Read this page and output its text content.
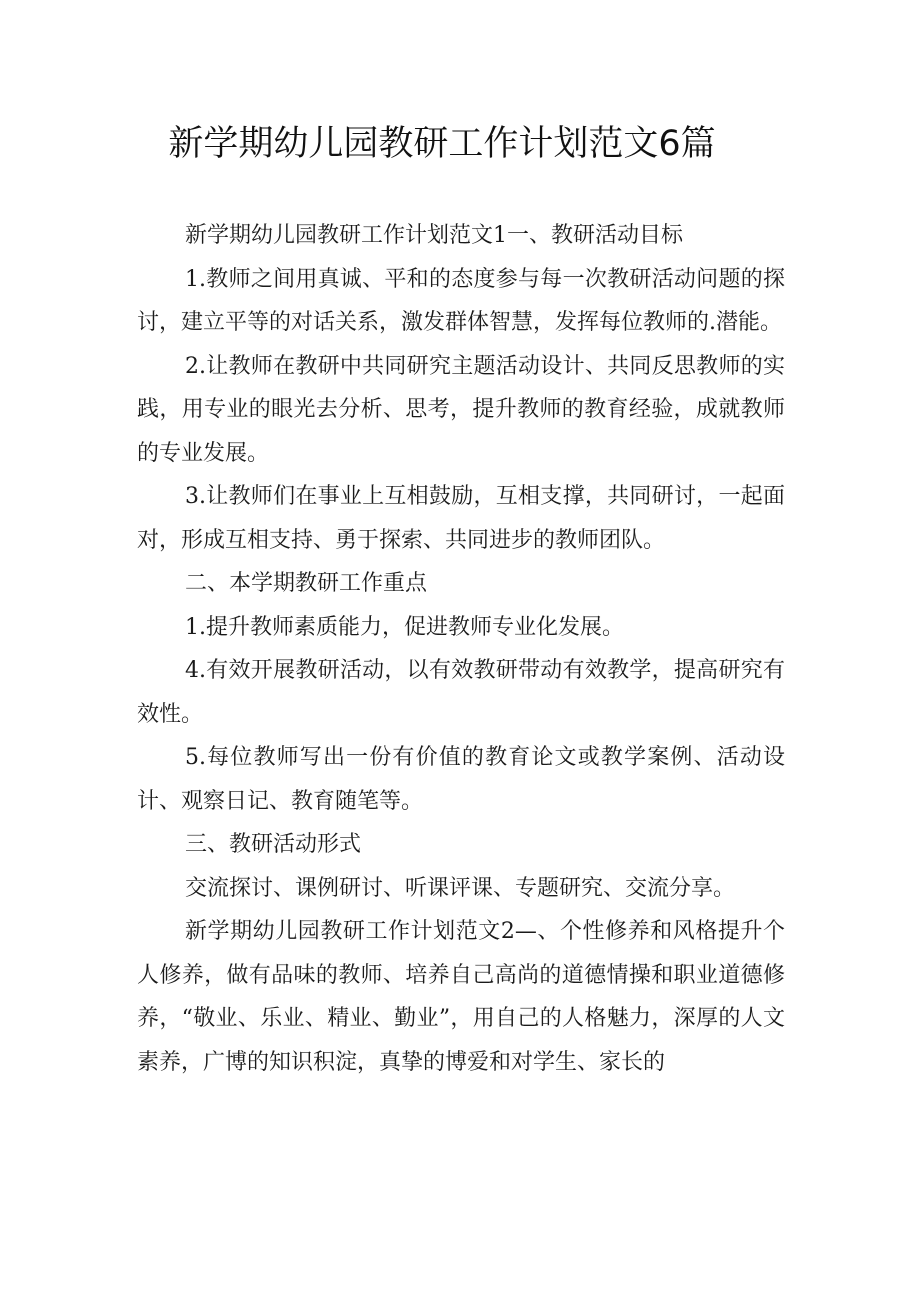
新学期幼儿园教研工作计划范文6篇

新学期幼儿园教研工作计划范文1一、教研活动目标

1.教师之间用真诚、平和的态度参与每一次教研活动问题的探讨，建立平等的对话关系，激发群体智慧，发挥每位教师的.潜能。

2.让教师在教研中共同研究主题活动设计、共同反思教师的实践，用专业的眼光去分析、思考，提升教师的教育经验，成就教师的专业发展。

3.让教师们在事业上互相鼓励，互相支撑，共同研讨，一起面对，形成互相支持、勇于探索、共同进步的教师团队。

二、本学期教研工作重点

1.提升教师素质能力，促进教师专业化发展。

4.有效开展教研活动，以有效教研带动有效教学，提高研究有效性。

5.每位教师写出一份有价值的教育论文或教学案例、活动设计、观察日记、教育随笔等。

三、教研活动形式

交流探讨、课例研讨、听课评课、专题研究、交流分享。

新学期幼儿园教研工作计划范文2—、个性修养和风格提升个人修养，做有品味的教师、培养自己高尚的道德情操和职业道德修养，“敬业、乐业、精业、勤业”，用自己的人格魅力，深厚的人文素养，广博的知识积淀，真挚的博爱和对学生、家长的
